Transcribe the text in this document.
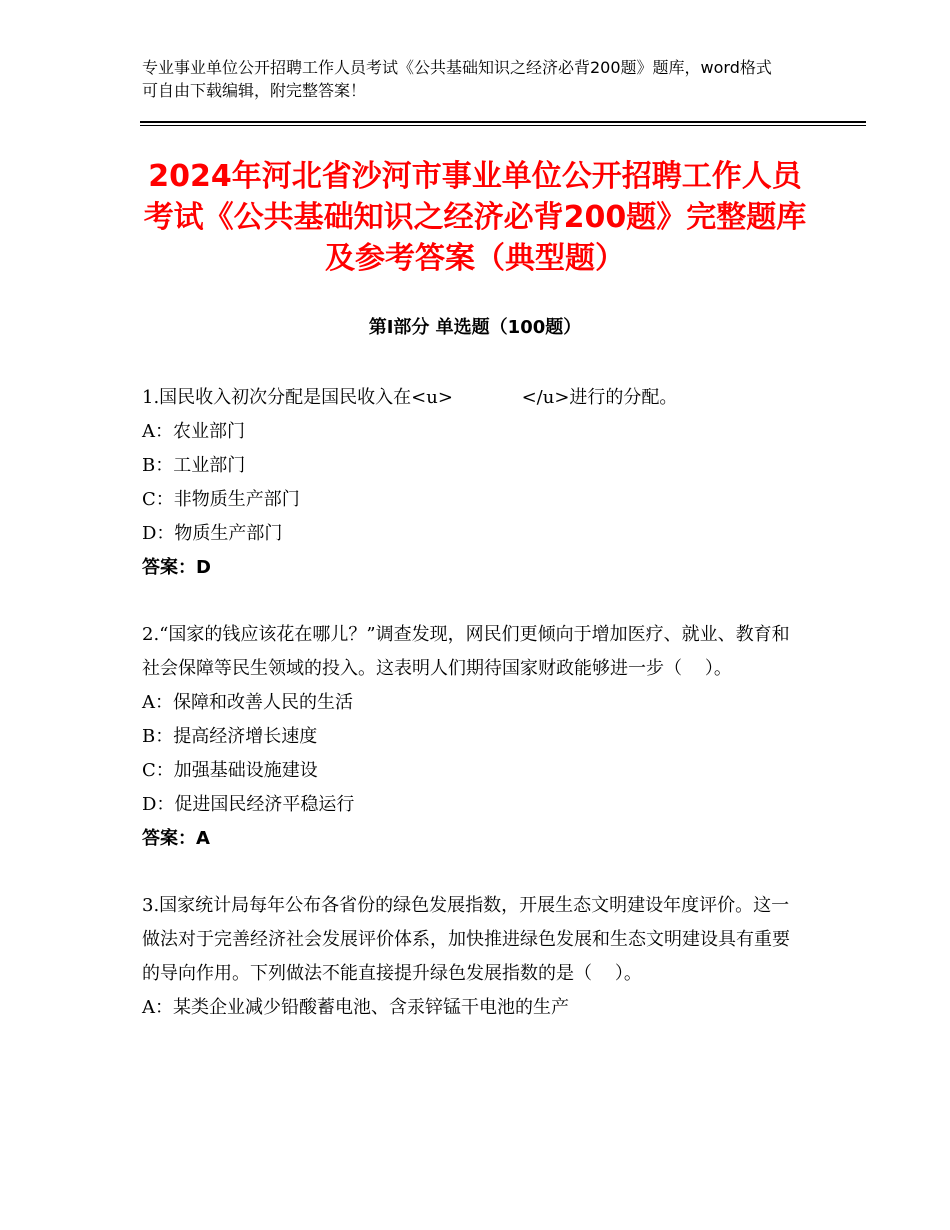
专业事业单位公开招聘工作人员考试《公共基础知识之经济必背200题》题库，word格式可自由下载编辑，附完整答案！
2024年河北省沙河市事业单位公开招聘工作人员考试《公共基础知识之经济必背200题》完整题库及参考答案（典型题）
第Ⅰ部分 单选题（100题）

1.国民收入初次分配是国民收入在<u>            </u>进行的分配。

A：农业部门

B：工业部门

C：非物质生产部门

D：物质生产部门

答案：D

2.“国家的钱应该花在哪儿？”调查发现，网民们更倾向于增加医疗、就业、教育和社会保障等民生领域的投入。这表明人们期待国家财政能够进一步（    ）。

A：保障和改善人民的生活

B：提高经济增长速度

C：加强基础设施建设

D：促进国民经济平稳运行

答案：A

3.国家统计局每年公布各省份的绿色发展指数，开展生态文明建设年度评价。这一做法对于完善经济社会发展评价体系，加快推进绿色发展和生态文明建设具有重要的导向作用。下列做法不能直接提升绿色发展指数的是（    ）。

A：某类企业减少铅酸蓄电池、含汞锌锰干电池的生产
